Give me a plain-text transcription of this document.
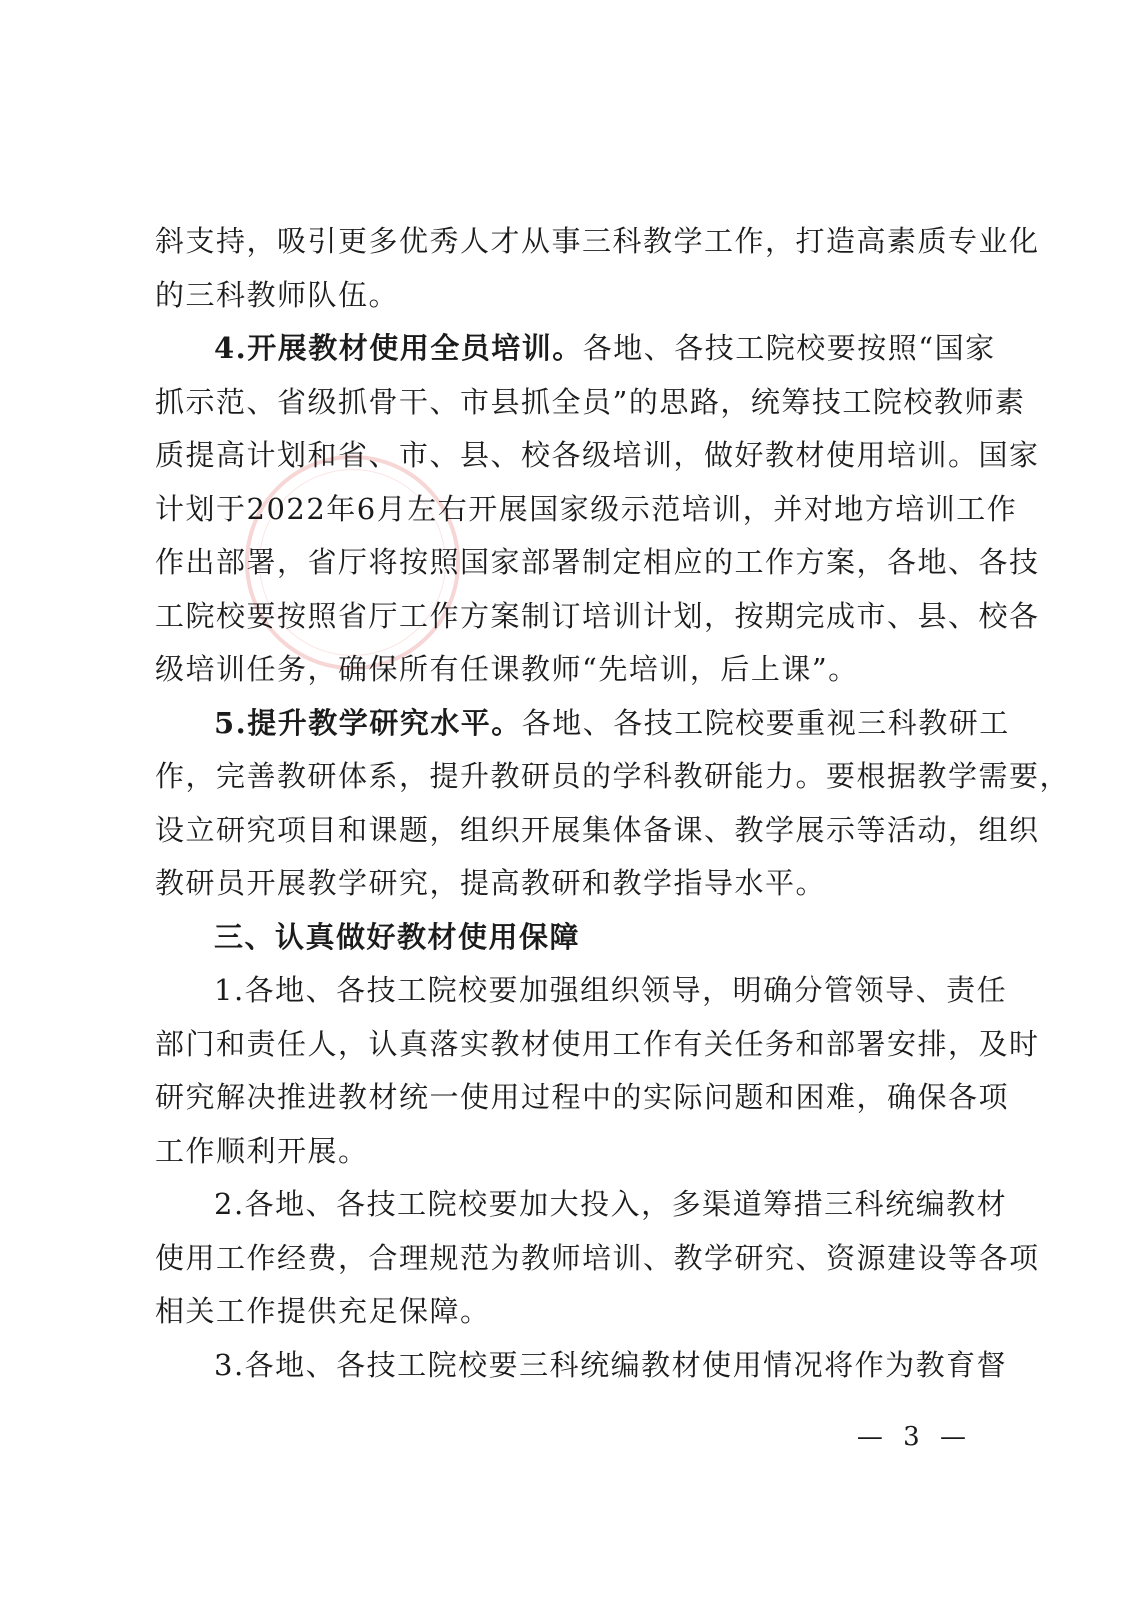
斜支持，吸引更多优秀人才从事三科教学工作，打造高素质专业化
的三科教师队伍。
4.开展教材使用全员培训。各地、各技工院校要按照“国家
抓示范、省级抓骨干、市县抓全员”的思路，统筹技工院校教师素
质提高计划和省、市、县、校各级培训，做好教材使用培训。国家
计划于2022年6月左右开展国家级示范培训，并对地方培训工作
作出部署，省厅将按照国家部署制定相应的工作方案，各地、各技
工院校要按照省厅工作方案制订培训计划，按期完成市、县、校各
级培训任务，确保所有任课教师“先培训，后上课”。
5.提升教学研究水平。各地、各技工院校要重视三科教研工
作，完善教研体系，提升教研员的学科教研能力。要根据教学需要，
设立研究项目和课题，组织开展集体备课、教学展示等活动，组织
教研员开展教学研究，提高教研和教学指导水平。
三、认真做好教材使用保障
1.各地、各技工院校要加强组织领导，明确分管领导、责任
部门和责任人，认真落实教材使用工作有关任务和部署安排，及时
研究解决推进教材统一使用过程中的实际问题和困难，确保各项
工作顺利开展。
2.各地、各技工院校要加大投入，多渠道筹措三科统编教材
使用工作经费，合理规范为教师培训、教学研究、资源建设等各项
相关工作提供充足保障。
3.各地、各技工院校要三科统编教材使用情况将作为教育督
— 3 —
